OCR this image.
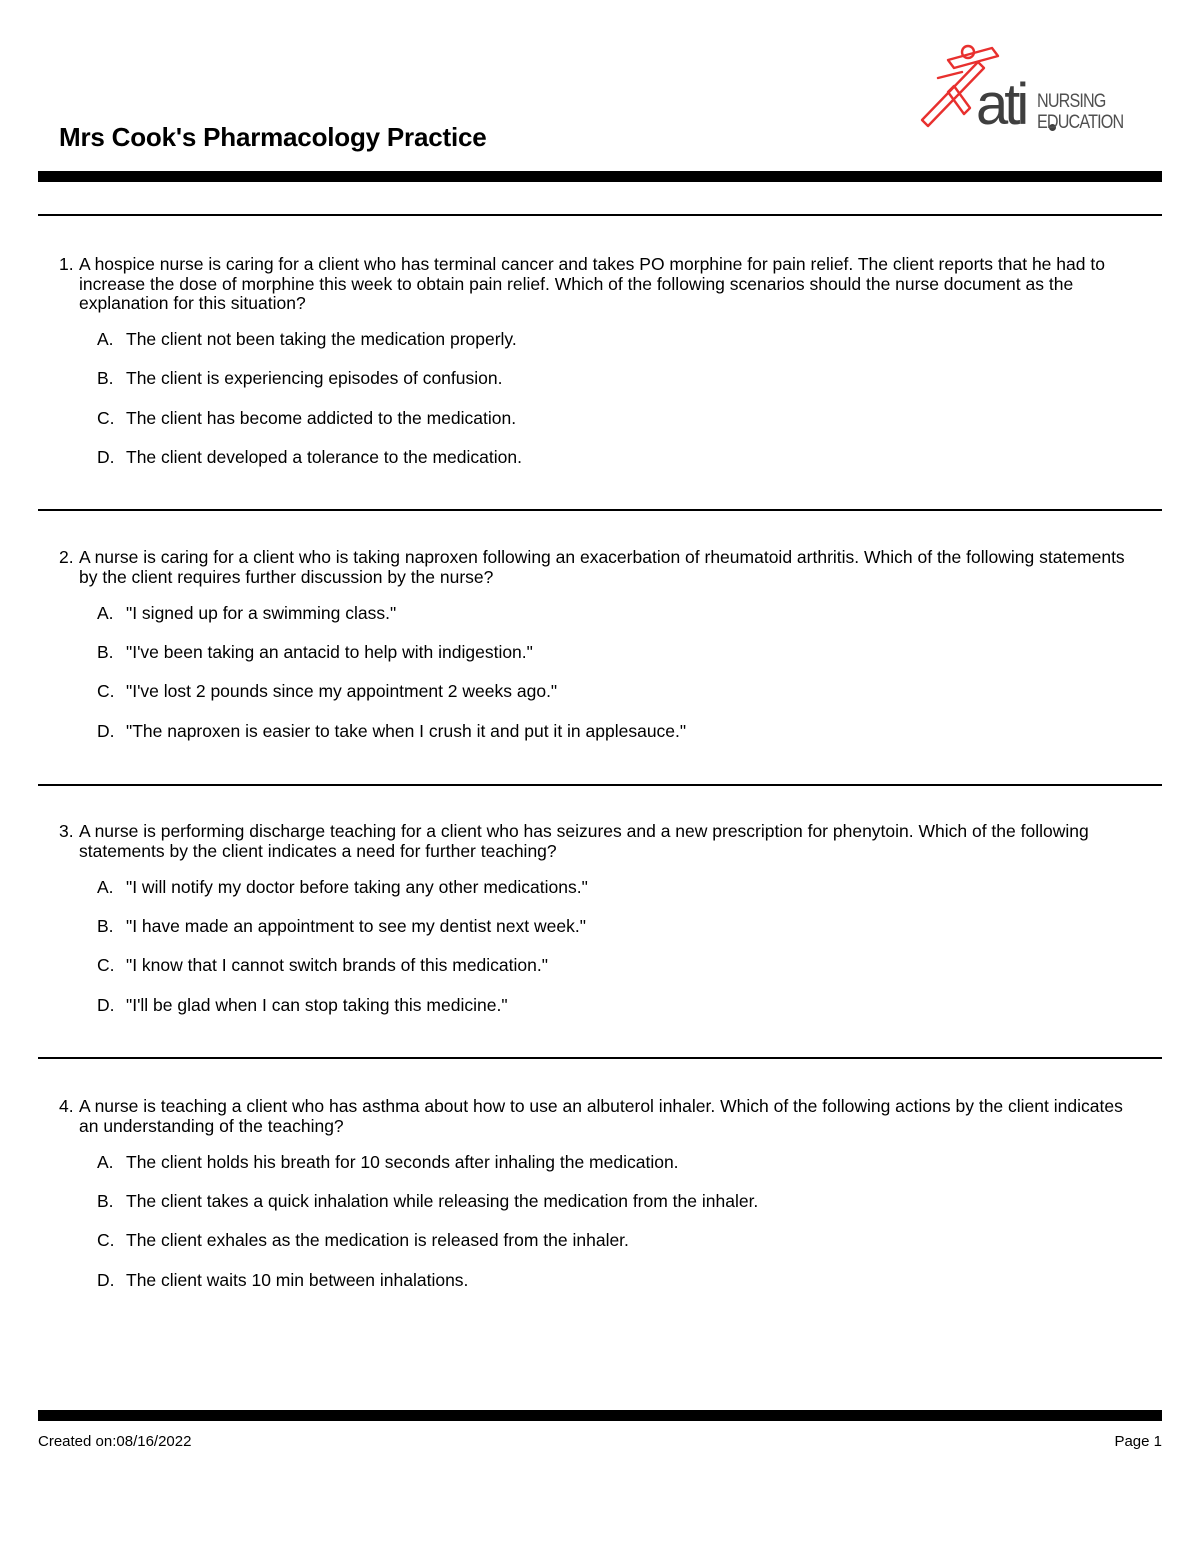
Mrs Cook's Pharmacology Practice	ati NURSING
EDUCATION
1. A hospice nurse is caring for a client who has terminal cancer and takes PO morphine for pain relief. The client reports that he had to increase the dose of morphine this week to obtain pain relief. Which of the following scenarios should the nurse document as the explanation for this situation?
A. The client not been taking the medication properly.
B. The client is experiencing episodes of confusion.
C. The client has become addicted to the medication.
D. The client developed a tolerance to the medication.
2. A nurse is caring for a client who is taking naproxen following an exacerbation of rheumatoid arthritis. Which of the following statements by the client requires further discussion by the nurse?
A. "I signed up for a swimming class."
B. "I've been taking an antacid to help with indigestion."
C. "I've lost 2 pounds since my appointment 2 weeks ago."
D. "The naproxen is easier to take when I crush it and put it in applesauce."
3. A nurse is performing discharge teaching for a client who has seizures and a new prescription for phenytoin. Which of the following statements by the client indicates a need for further teaching?
A. "I will notify my doctor before taking any other medications."
B. "I have made an appointment to see my dentist next week."
C. "I know that I cannot switch brands of this medication."
D. "I'll be glad when I can stop taking this medicine."
4. A nurse is teaching a client who has asthma about how to use an albuterol inhaler. Which of the following actions by the client indicates an understanding of the teaching?
A. The client holds his breath for 10 seconds after inhaling the medication.
B. The client takes a quick inhalation while releasing the medication from the inhaler.
C. The client exhales as the medication is released from the inhaler.
D. The client waits 10 min between inhalations.
Created on:08/16/2022	Page 1
